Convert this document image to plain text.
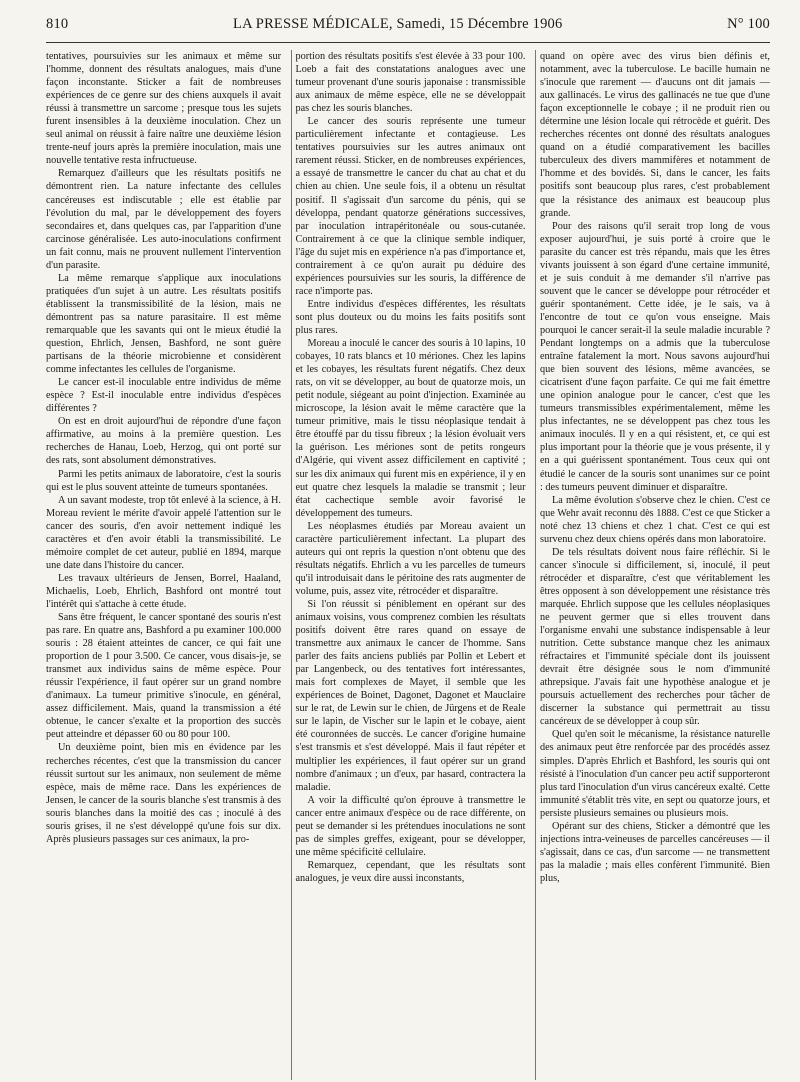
810	LA PRESSE MÉDICALE, Samedi, 15 Décembre 1906	N° 100

tentatives, poursuivies sur les animaux et même sur l'homme, donnent des résultats analogues, mais d'une façon inconstante. Sticker a fait de nombreuses expériences de ce genre sur des chiens auxquels il avait réussi à transmettre un sarcome ; presque tous les sujets furent insensibles à la deuxième inoculation. Chez un seul animal on réussit à faire naître une deuxième lésion trente-neuf jours après la première inoculation, mais une nouvelle tentative resta infructueuse.

Remarquez d'ailleurs que les résultats positifs ne démontrent rien. La nature infectante des cellules cancéreuses est indiscutable ; elle est établie par l'évolution du mal, par le développement des foyers secondaires et, dans quelques cas, par l'apparition d'une carcinose généralisée. Les auto-inoculations confirment un fait connu, mais ne prouvent nullement l'intervention d'un parasite.

La même remarque s'applique aux inoculations pratiquées d'un sujet à un autre. Les résultats positifs établissent la transmissibilité de la lésion, mais ne démontrent pas sa nature parasitaire. Il est même remarquable que les savants qui ont le mieux étudié la question, Ehrlich, Jensen, Bashford, ne sont guère partisans de la théorie microbienne et considèrent comme infectantes les cellules de l'organisme.

Le cancer est-il inoculable entre individus de même espèce ? Est-il inoculable entre individus d'espèces différentes ?

On est en droit aujourd'hui de répondre d'une façon affirmative, au moins à la première question. Les recherches de Hanau, Loeb, Herzog, qui ont porté sur des rats, sont absolument démonstratives.

Parmi les petits animaux de laboratoire, c'est la souris qui est le plus souvent atteinte de tumeurs spontanées.

A un savant modeste, trop tôt enlevé à la science, à H. Moreau revient le mérite d'avoir appelé l'attention sur le cancer des souris, d'en avoir nettement indiqué les caractères et d'en avoir établi la transmissibilité. Le mémoire complet de cet auteur, publié en 1894, marque une date dans l'histoire du cancer.

Les travaux ultérieurs de Jensen, Borrel, Haaland, Michaelis, Loeb, Ehrlich, Bashford ont montré tout l'intérêt qui s'attache à cette étude.

Sans être fréquent, le cancer spontané des souris n'est pas rare. En quatre ans, Bashford a pu examiner 100.000 souris : 28 étaient atteintes de cancer, ce qui fait une proportion de 1 pour 3.500. Ce cancer, vous disais-je, se transmet aux individus sains de même espèce. Pour réussir l'expérience, il faut opérer sur un grand nombre d'animaux. La tumeur primitive s'inocule, en général, assez difficilement. Mais, quand la transmission a été obtenue, le cancer s'exalte et la proportion des succès peut atteindre et dépasser 60 ou 80 pour 100.

Un deuxième point, bien mis en évidence par les recherches récentes, c'est que la transmission du cancer réussit surtout sur les animaux, non seulement de même espèce, mais de même race. Dans les expériences de Jensen, le cancer de la souris blanche s'est transmis à des souris blanches dans la moitié des cas ; inoculé à des souris grises, il ne s'est développé qu'une fois sur dix. Après plusieurs passages sur ces animaux, la pro-

portion des résultats positifs s'est élevée à 33 pour 100. Loeb a fait des constatations analogues avec une tumeur provenant d'une souris japonaise : transmissible aux animaux de même espèce, elle ne se développait pas chez les souris blanches.

Le cancer des souris représente une tumeur particulièrement infectante et contagieuse. Les tentatives poursuivies sur les autres animaux ont rarement réussi. Sticker, en de nombreuses expériences, a essayé de transmettre le cancer du chat au chat et du chien au chien. Une seule fois, il a obtenu un résultat positif. Il s'agissait d'un sarcome du pénis, qui se développa, pendant quatorze générations successives, par inoculation intrapéritonéale ou sous-cutanée. Contrairement à ce que la clinique semble indiquer, l'âge du sujet mis en expérience n'a pas d'importance et, contrairement à ce qu'on aurait pu déduire des expériences poursuivies sur les souris, la différence de race n'importe pas.

Entre individus d'espèces différentes, les résultats sont plus douteux ou du moins les faits positifs sont plus rares.

Moreau a inoculé le cancer des souris à 10 lapins, 10 cobayes, 10 rats blancs et 10 mériones. Chez les lapins et les cobayes, les résultats furent négatifs. Chez deux rats, on vit se développer, au bout de quatorze mois, un petit nodule, siégeant au point d'injection. Examinée au microscope, la lésion avait le même caractère que la tumeur primitive, mais le tissu néoplasique tendait à être étouffé par du tissu fibreux ; la lésion évoluait vers la guérison. Les mériones sont de petits rongeurs d'Algérie, qui vivent assez difficilement en captivité ; sur les dix animaux qui furent mis en expérience, il y en eut quatre chez lesquels la maladie se transmit ; leur état cachectique semble avoir favorisé le développement des tumeurs.

Les néoplasmes étudiés par Moreau avaient un caractère particulièrement infectant. La plupart des auteurs qui ont repris la question n'ont obtenu que des résultats négatifs. Ehrlich a vu les parcelles de tumeurs qu'il introduisait dans le péritoine des rats augmenter de volume, puis, assez vite, rétrocéder et disparaître.

Si l'on réussit si péniblement en opérant sur des animaux voisins, vous comprenez combien les résultats positifs doivent être rares quand on essaye de transmettre aux animaux le cancer de l'homme. Sans parler des faits anciens publiés par Pollin et Lebert et par Langenbeck, ou des tentatives fort intéressantes, mais fort complexes de Mayet, il semble que les expériences de Boinet, Dagonet, Dagonet et Mauclaire sur le rat, de Lewin sur le chien, de Jürgens et de Reale sur le lapin, de Vischer sur le lapin et le cobaye, aient été couronnées de succès. Le cancer d'origine humaine s'est transmis et s'est développé. Mais il faut répéter et multiplier les expériences, il faut opérer sur un grand nombre d'animaux ; un d'eux, par hasard, contractera la maladie.

A voir la difficulté qu'on éprouve à transmettre le cancer entre animaux d'espèce ou de race différente, on peut se demander si les prétendues inoculations ne sont pas de simples greffes, exigeant, pour se développer, une même spécificité cellulaire.

Remarquez, cependant, que les résultats sont analogues, je veux dire aussi inconstants,

quand on opère avec des virus bien définis et, notamment, avec la tuberculose. Le bacille humain ne s'inocule que rarement — d'aucuns ont dit jamais — aux gallinacés. Le virus des gallinacés ne tue que d'une façon exceptionnelle le cobaye ; il ne produit rien ou détermine une lésion locale qui rétrocède et guérit. Des recherches récentes ont donné des résultats analogues quand on a étudié comparativement les bacilles tuberculeux des divers mammifères et notamment de l'homme et des bovidés. Si, dans le cancer, les faits positifs sont beaucoup plus rares, c'est probablement que la résistance des animaux est beaucoup plus grande.

Pour des raisons qu'il serait trop long de vous exposer aujourd'hui, je suis porté à croire que le parasite du cancer est très répandu, mais que les êtres vivants jouissent à son égard d'une certaine immunité, et je suis conduit à me demander s'il n'arrive pas souvent que le cancer se développe pour rétrocéder et guérir spontanément. Cette idée, je le sais, va à l'encontre de tout ce qu'on vous enseigne. Mais pourquoi le cancer serait-il la seule maladie incurable ? Pendant longtemps on a admis que la tuberculose entraîne fatalement la mort. Nous savons aujourd'hui que bien souvent des lésions, même avancées, se cicatrisent d'une façon parfaite. Ce qui me fait émettre une opinion analogue pour le cancer, c'est que les tumeurs transmissibles expérimentalement, même les plus infectantes, ne se développent pas chez tous les animaux inoculés. Il y en a qui résistent, et, ce qui est plus important pour la théorie que je vous présente, il y en a qui guérissent spontanément. Tous ceux qui ont étudié le cancer de la souris sont unanimes sur ce point : des tumeurs peuvent diminuer et disparaître.

La même évolution s'observe chez le chien. C'est ce que Wehr avait reconnu dès 1888. C'est ce que Sticker a noté chez 13 chiens et chez 1 chat. C'est ce qui est survenu chez deux chiens opérés dans mon laboratoire.

De tels résultats doivent nous faire réfléchir. Si le cancer s'inocule si difficilement, si, inoculé, il peut rétrocéder et disparaître, c'est que véritablement les êtres opposent à son développement une résistance très marquée. Ehrlich suppose que les cellules néoplasiques ne peuvent germer que si elles trouvent dans l'organisme envahi une substance indispensable à leur nutrition. Cette substance manque chez les animaux réfractaires et l'immunité spéciale dont ils jouissent devrait être désignée sous le nom d'immunité athrepsique. J'avais fait une hypothèse analogue et je poursuis actuellement des recherches pour tâcher de discerner la substance qui permettrait au tissu cancéreux de se développer à coup sûr.

Quel qu'en soit le mécanisme, la résistance naturelle des animaux peut être renforcée par des procédés assez simples. D'après Ehrlich et Bashford, les souris qui ont résisté à l'inoculation d'un cancer peu actif supporteront plus tard l'inoculation d'un virus cancéreux exalté. Cette immunité s'établit très vite, en sept ou quatorze jours, et persiste plusieurs semaines ou plusieurs mois.

Opérant sur des chiens, Sticker a démontré que les injections intra-veineuses de parcelles cancéreuses — il s'agissait, dans ce cas, d'un sarcome — ne transmettent pas la maladie ; mais elles confèrent l'immunité. Bien plus,
